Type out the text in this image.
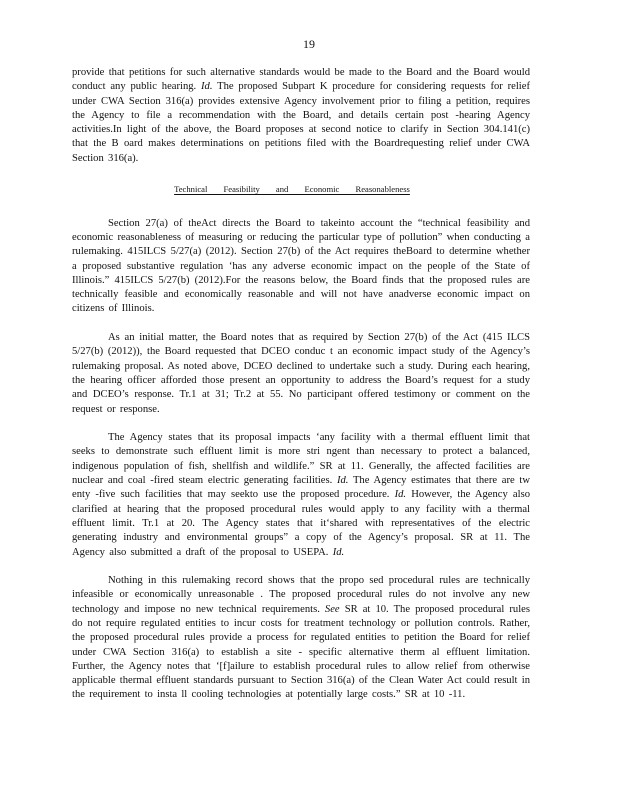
19

provide that petitions for such alternative standards would be made to the Board and the Board would conduct any public hearing. Id. The proposed Subpart K procedure for considering requests for relief under CWA Section 316(a) provides extensive Agency involvement prior to filing a petition, requires the Agency to file a recommendation with the Board, and details certain post -hearing Agency activities.In light of the above, the Board proposes at second notice to clarify in Section 304.141(c) that the B oard makes determinations on petitions filed with the Boardrequesting relief under CWA Section 316(a).

Technical Feasibility and Economic Reasonableness

Section 27(a) of theAct directs the Board to takeinto account the “technical feasibility and economic reasonableness of measuring or reducing the particular type of pollution” when conducting a rulemaking. 415ILCS 5/27(a) (2012). Section 27(b) of the Act requires theBoard to determine whether a proposed substantive regulation ‘has any adverse economic impact on the people of the State of Illinois.” 415ILCS 5/27(b) (2012).For the reasons below, the Board finds that the proposed rules are technically feasible and economically reasonable and will not have anadverse economic impact on citizens of Illinois.

As an initial matter, the Board notes that as required by Section 27(b) of the Act (415 ILCS 5/27(b) (2012)), the Board requested that DCEO conduc t an economic impact study of the Agency’s rulemaking proposal. As noted above, DCEO declined to undertake such a study. During each hearing, the hearing officer afforded those present an opportunity to address the Board’s request for a study and DCEO’s response. Tr.1 at 31; Tr.2 at 55. No participant offered testimony or comment on the request or response.

The Agency states that its proposal impacts ‘any facility with a thermal effluent limit that seeks to demonstrate such effluent limit is more stri ngent than necessary to protect a balanced, indigenous population of fish, shellfish and wildlife.” SR at 11. Generally, the affected facilities are nuclear and coal -fired steam electric generating facilities. Id. The Agency estimates that there are tw enty -five such facilities that may seekto use the proposed procedure. Id. However, the Agency also clarified at hearing that the proposed procedural rules would apply to any facility with a thermal effluent limit. Tr.1 at 20. The Agency states that it‘shared with representatives of the electric generating industry and environmental groups” a copy of the Agency’s proposal. SR at 11. The Agency also submitted a draft of the proposal to USEPA. Id.

Nothing in this rulemaking record shows that the propo sed procedural rules are technically infeasible or economically unreasonable . The proposed procedural rules do not involve any new technology and impose no new technical requirements. See SR at 10. The proposed procedural rules do not require regulated entities to incur costs for treatment technology or pollution controls. Rather, the proposed procedural rules provide a process for regulated entities to petition the Board for relief under CWA Section 316(a) to establish a site - specific alternative therm al effluent limitation. Further, the Agency notes that ‘[f]ailure to establish procedural rules to allow relief from otherwise applicable thermal effluent standards pursuant to Section 316(a) of the Clean Water Act could result in the requirement to insta ll cooling technologies at potentially large costs.” SR at 10 -11.
